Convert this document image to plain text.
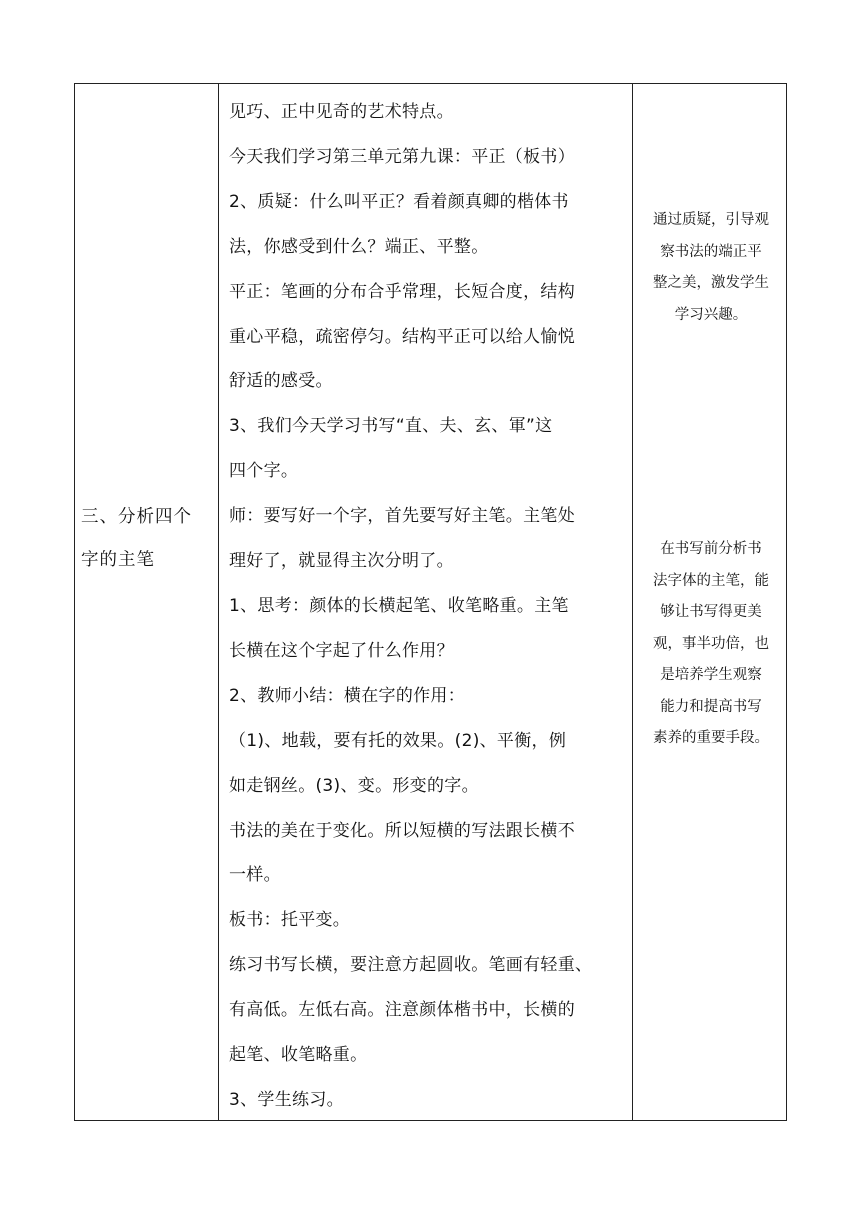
三、分析四个
字的主笔

见巧、正中见奇的艺术特点。

今天我们学习第三单元第九课：平正（板书）

2、质疑：什么叫平正？看着颜真卿的楷体书

法，你感受到什么？端正、平整。

平正：笔画的分布合乎常理，长短合度，结构

重心平稳，疏密停匀。结构平正可以给人愉悦

舒适的感受。

3、我们今天学习书写“直、夫、玄、軍”这

四个字。

师：要写好一个字，首先要写好主笔。主笔处

理好了，就显得主次分明了。

1、思考：颜体的长横起笔、收笔略重。主笔

长横在这个字起了什么作用？

2、教师小结：横在字的作用：

（1)、地载，要有托的效果。(2)、平衡，例

如走钢丝。(3)、变。形变的字。

书法的美在于变化。所以短横的写法跟长横不

一样。

板书：托平变。

练习书写长横，要注意方起圆收。笔画有轻重、

有高低。左低右高。注意颜体楷书中，长横的

起笔、收笔略重。

3、学生练习。

通过质疑，引导观
察书法的端正平
整之美，激发学生
学习兴趣。
在书写前分析书
法字体的主笔，能
够让书写得更美
观，事半功倍，也
是培养学生观察
能力和提高书写
素养的重要手段。
